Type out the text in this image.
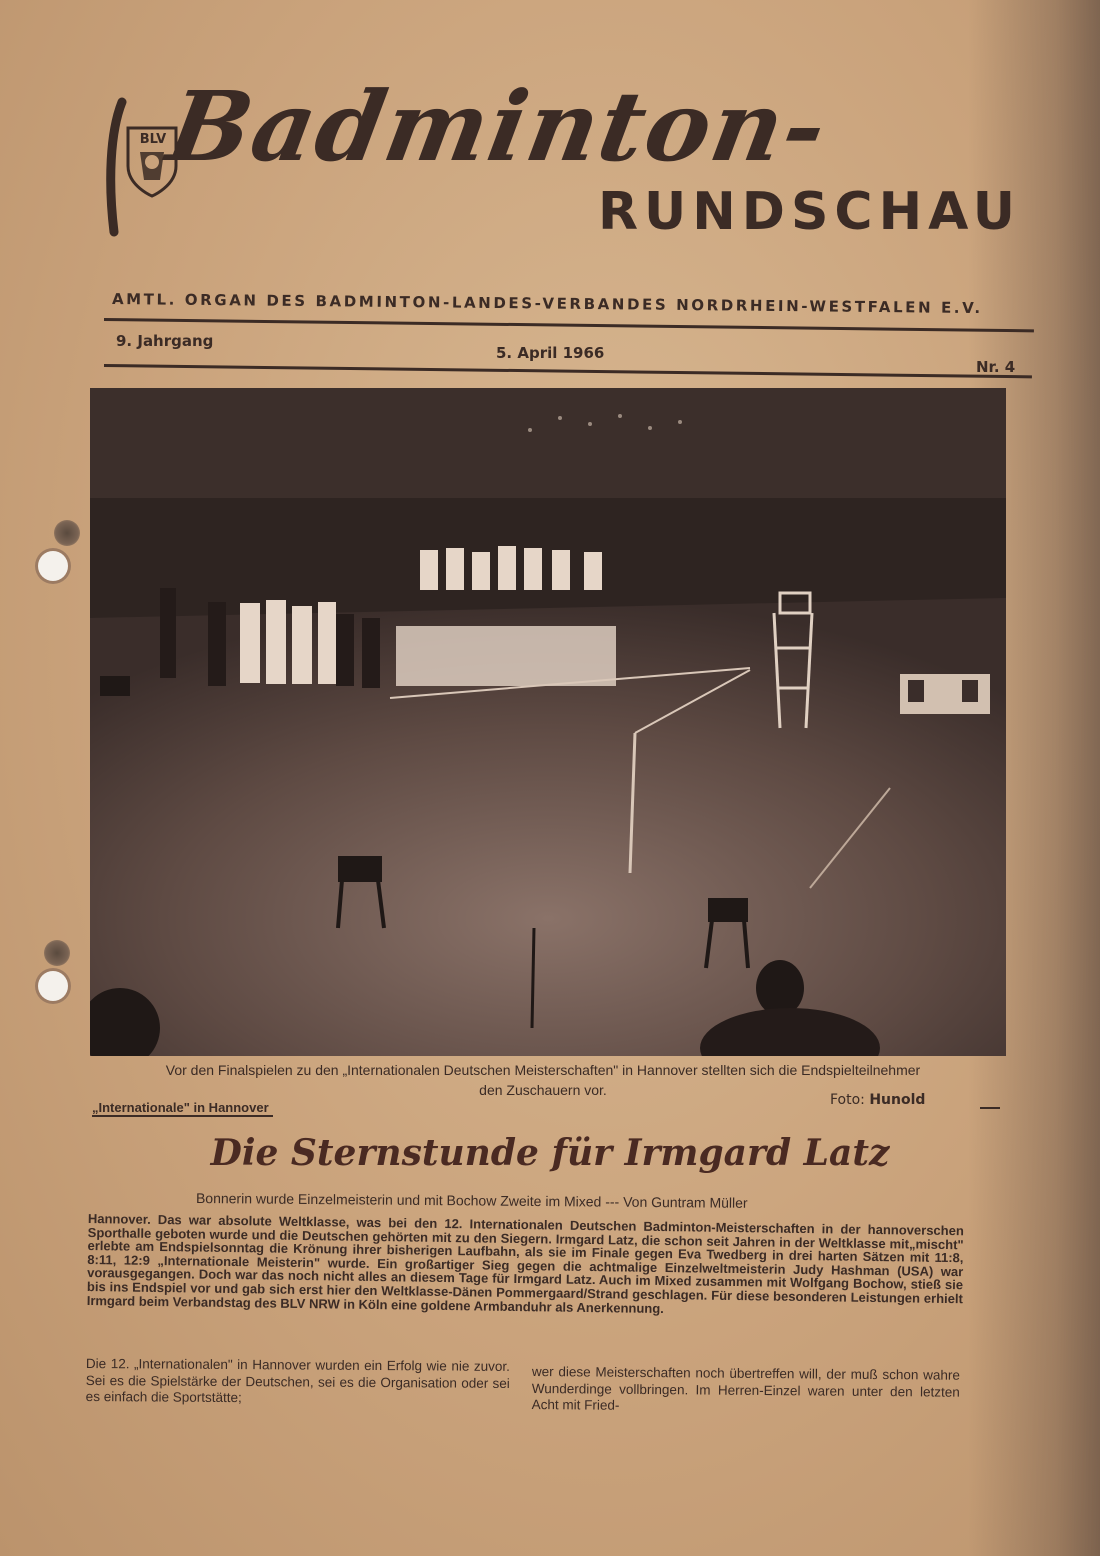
BLV
Badminton-
RUNDSCHAU
AMTL. ORGAN DES BADMINTON-LANDES-VERBANDES NORDRHEIN-WESTFALEN E.V.
9. Jahrgang
5. April 1966
Nr. 4
Vor den Finalspielen zu den „Internationalen Deutschen Meisterschaften" in Hannover stellten sich die Endspielteilnehmer
den Zuschauern vor.
Foto: Hunold
„Internationale" in Hannover
Die Sternstunde für Irmgard Latz
Bonnerin wurde Einzelmeisterin und mit Bochow Zweite im Mixed --- Von Guntram Müller
Hannover. Das war absolute Weltklasse, was bei den 12. Internationalen Deutschen Badminton-Meisterschaften in der hannoverschen Sporthalle geboten wurde und die Deutschen gehörten mit zu den Siegern. Irmgard Latz, die schon seit Jahren in der Weltklasse mit„mischt" erlebte am Endspielsonntag die Krönung ihrer bisherigen Laufbahn, als sie im Finale gegen Eva Twedberg in drei harten Sätzen mit 11:8, 8:11, 12:9 „Internationale Meisterin" wurde. Ein großartiger Sieg gegen die achtmalige Einzelweltmeisterin Judy Hashman (USA) war vorausgegangen. Doch war das noch nicht alles an diesem Tage für Irmgard Latz. Auch im Mixed zusammen mit Wolfgang Bochow, stieß sie bis ins Endspiel vor und gab sich erst hier den Weltklasse-Dänen Pommergaard/Strand geschlagen. Für diese besonderen Leistungen erhielt Irmgard beim Verbandstag des BLV NRW in Köln eine goldene Armbanduhr als Anerkennung.
Die 12. „Internationalen" in Hannover wurden ein Erfolg wie nie zuvor. Sei es die Spielstärke der Deutschen, sei es die Organisation oder sei es einfach die Sportstätte;
wer diese Meisterschaften noch übertreffen will, der muß schon wahre Wunderdinge vollbringen. Im Herren-Einzel waren unter den letzten Acht mit Fried-
